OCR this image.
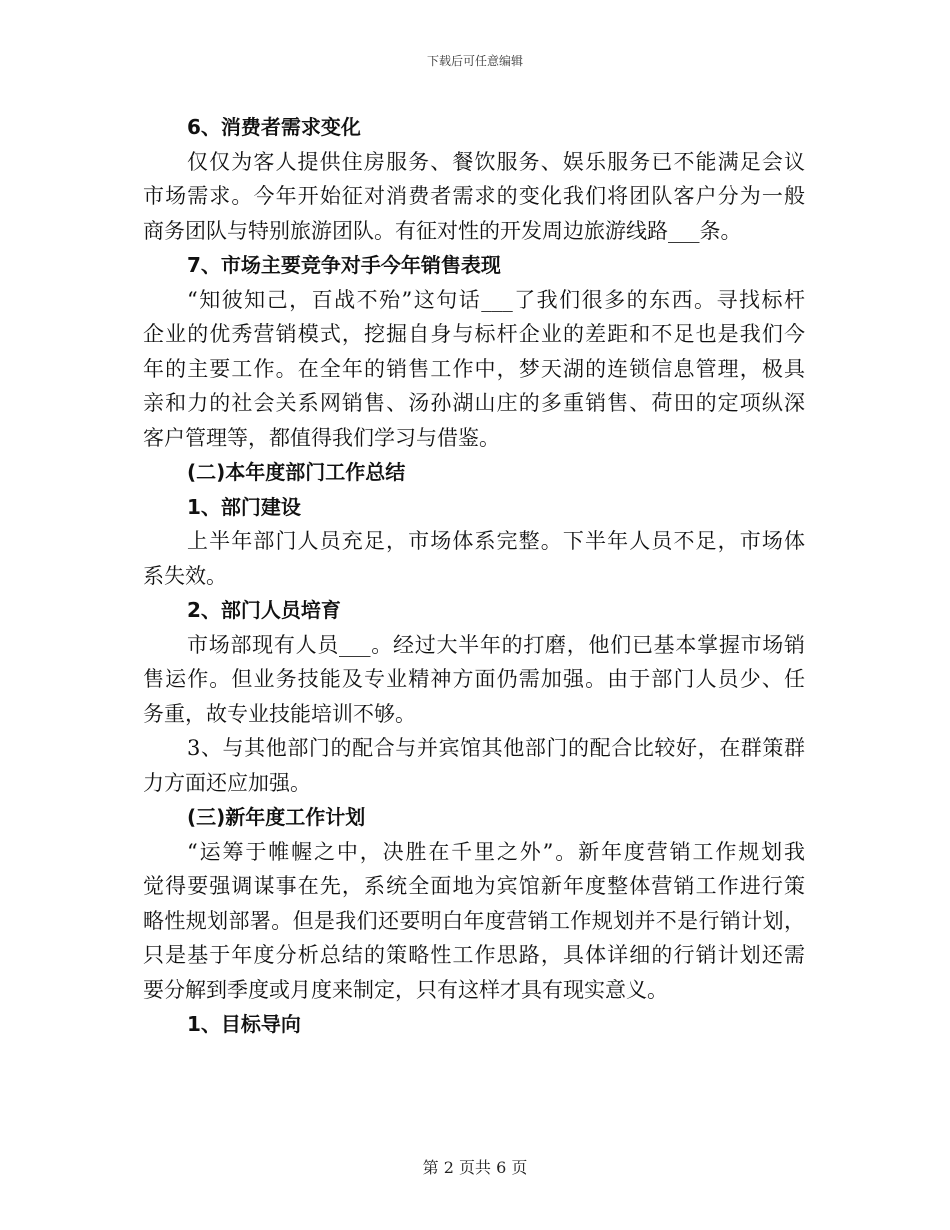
下载后可任意编辑
6、消费者需求变化
仅仅为客人提供住房服务、餐饮服务、娱乐服务已不能满足会议
市场需求。今年开始征对消费者需求的变化我们将团队客户分为一般
商务团队与特别旅游团队。有征对性的开发周边旅游线路___条。
7、市场主要竞争对手今年销售表现
“知彼知己，百战不殆”这句话___了我们很多的东西。寻找标杆
企业的优秀营销模式，挖掘自身与标杆企业的差距和不足也是我们今
年的主要工作。在全年的销售工作中，梦天湖的连锁信息管理，极具
亲和力的社会关系网销售、汤孙湖山庄的多重销售、荷田的定项纵深
客户管理等，都值得我们学习与借鉴。
(二)本年度部门工作总结
1、部门建设
上半年部门人员充足，市场体系完整。下半年人员不足，市场体
系失效。
2、部门人员培育
市场部现有人员___。经过大半年的打磨，他们已基本掌握市场销
售运作。但业务技能及专业精神方面仍需加强。由于部门人员少、任
务重，故专业技能培训不够。
3、与其他部门的配合与并宾馆其他部门的配合比较好，在群策群
力方面还应加强。
(三)新年度工作计划
“运筹于帷幄之中，决胜在千里之外”。新年度营销工作规划我
觉得要强调谋事在先，系统全面地为宾馆新年度整体营销工作进行策
略性规划部署。但是我们还要明白年度营销工作规划并不是行销计划，
只是基于年度分析总结的策略性工作思路，具体详细的行销计划还需
要分解到季度或月度来制定，只有这样才具有现实意义。
1、目标导向
第 2 页共 6 页
